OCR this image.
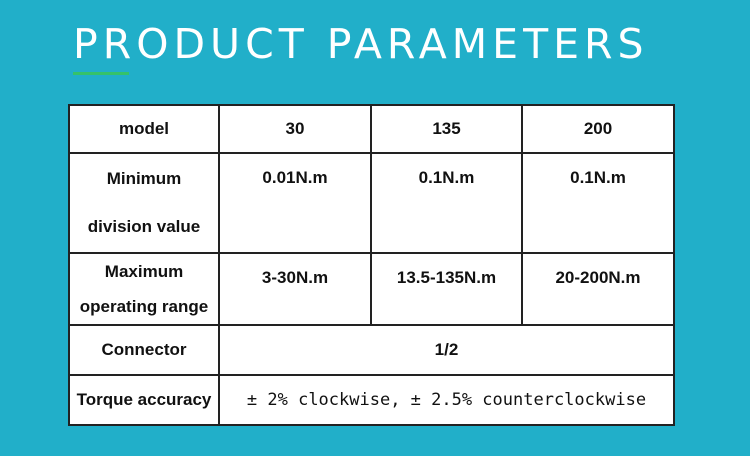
PRODUCT PARAMETERS
model	30	135	200

Minimum
division value	0.01N.m	0.1N.m	0.1N.m

Maximum
operating range	3-30N.m	13.5-135N.m	20-200N.m
Connector	1/2		
Torque accuracy	± 2% clockwise, ± 2.5% counterclockwise		
